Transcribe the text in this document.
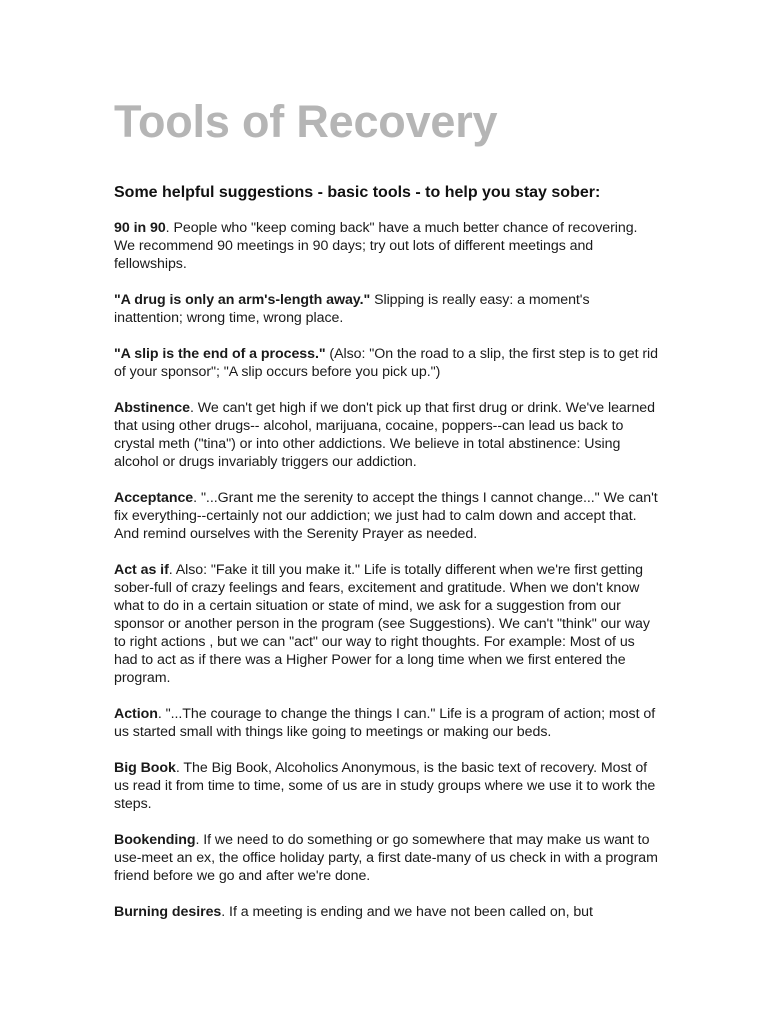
Tools of Recovery
Some helpful suggestions - basic tools - to help you stay sober:

90 in 90. People who "keep coming back" have a much better chance of recovering. We recommend 90 meetings in 90 days; try out lots of different meetings and fellowships.

"A drug is only an arm's-length away." Slipping is really easy: a moment's inattention; wrong time, wrong place.

"A slip is the end of a process." (Also: "On the road to a slip, the first step is to get rid of your sponsor"; "A slip occurs before you pick up.")

Abstinence. We can't get high if we don't pick up that first drug or drink. We've learned that using other drugs-- alcohol, marijuana, cocaine, poppers--can lead us back to crystal meth ("tina") or into other addictions. We believe in total abstinence: Using alcohol or drugs invariably triggers our addiction.

Acceptance. "...Grant me the serenity to accept the things I cannot change..." We can't fix everything--certainly not our addiction; we just had to calm down and accept that. And remind ourselves with the Serenity Prayer as needed.

Act as if. Also: "Fake it till you make it." Life is totally different when we're first getting sober-full of crazy feelings and fears, excitement and gratitude. When we don't know what to do in a certain situation or state of mind, we ask for a suggestion from our sponsor or another person in the program (see Suggestions). We can't "think" our way to right actions , but we can "act" our way to right thoughts. For example: Most of us had to act as if there was a Higher Power for a long time when we first entered the program.

Action. "...The courage to change the things I can." Life is a program of action; most of us started small with things like going to meetings or making our beds.

Big Book. The Big Book, Alcoholics Anonymous, is the basic text of recovery. Most of us read it from time to time, some of us are in study groups where we use it to work the steps.

Bookending. If we need to do something or go somewhere that may make us want to use-meet an ex, the office holiday party, a first date-many of us check in with a program friend before we go and after we're done.

Burning desires. If a meeting is ending and we have not been called on, but
